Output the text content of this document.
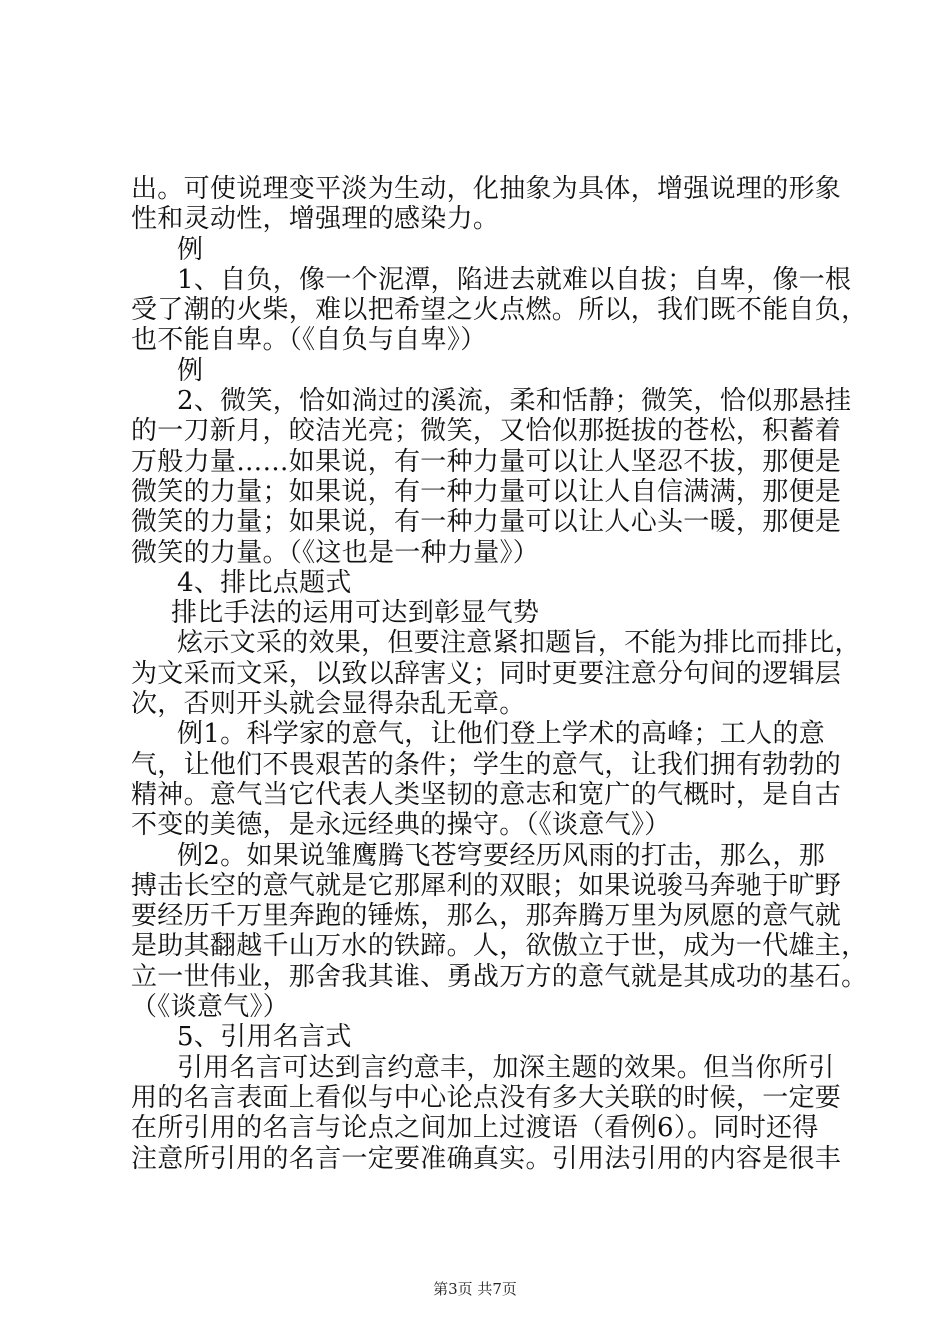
出。可使说理变平淡为生动，化抽象为具体，增强说理的形象

性和灵动性，增强理的感染力。

例

1、自负，像一个泥潭，陷进去就难以自拔；自卑，像一根

受了潮的火柴，难以把希望之火点燃。所以，我们既不能自负，

也不能自卑。（《自负与自卑》）

例

2、微笑，恰如淌过的溪流，柔和恬静；微笑，恰似那悬挂

的一刀新月，皎洁光亮；微笑，又恰似那挺拔的苍松，积蓄着

万般力量……如果说，有一种力量可以让人坚忍不拔，那便是

微笑的力量；如果说，有一种力量可以让人自信满满，那便是

微笑的力量；如果说，有一种力量可以让人心头一暖，那便是

微笑的力量。（《这也是一种力量》）

4、排比点题式

排比手法的运用可达到彰显气势

炫示文采的效果，但要注意紧扣题旨，不能为排比而排比，

为文采而文采，以致以辞害义；同时更要注意分句间的逻辑层

次，否则开头就会显得杂乱无章。

例1。科学家的意气，让他们登上学术的高峰；工人的意

气，让他们不畏艰苦的条件；学生的意气，让我们拥有勃勃的

精神。意气当它代表人类坚韧的意志和宽广的气概时，是自古

不变的美德，是永远经典的操守。（《谈意气》）

例2。如果说雏鹰腾飞苍穹要经历风雨的打击，那么，那

搏击长空的意气就是它那犀利的双眼；如果说骏马奔驰于旷野

要经历千万里奔跑的锤炼，那么，那奔腾万里为夙愿的意气就

是助其翻越千山万水的铁蹄。人，欲傲立于世，成为一代雄主，

立一世伟业，那舍我其谁、勇战万方的意气就是其成功的基石。

（《谈意气》）

5、引用名言式

引用名言可达到言约意丰，加深主题的效果。但当你所引

用的名言表面上看似与中心论点没有多大关联的时候，一定要

在所引用的名言与论点之间加上过渡语（看例6）。同时还得

注意所引用的名言一定要准确真实。引用法引用的内容是很丰

第3页 共7页
